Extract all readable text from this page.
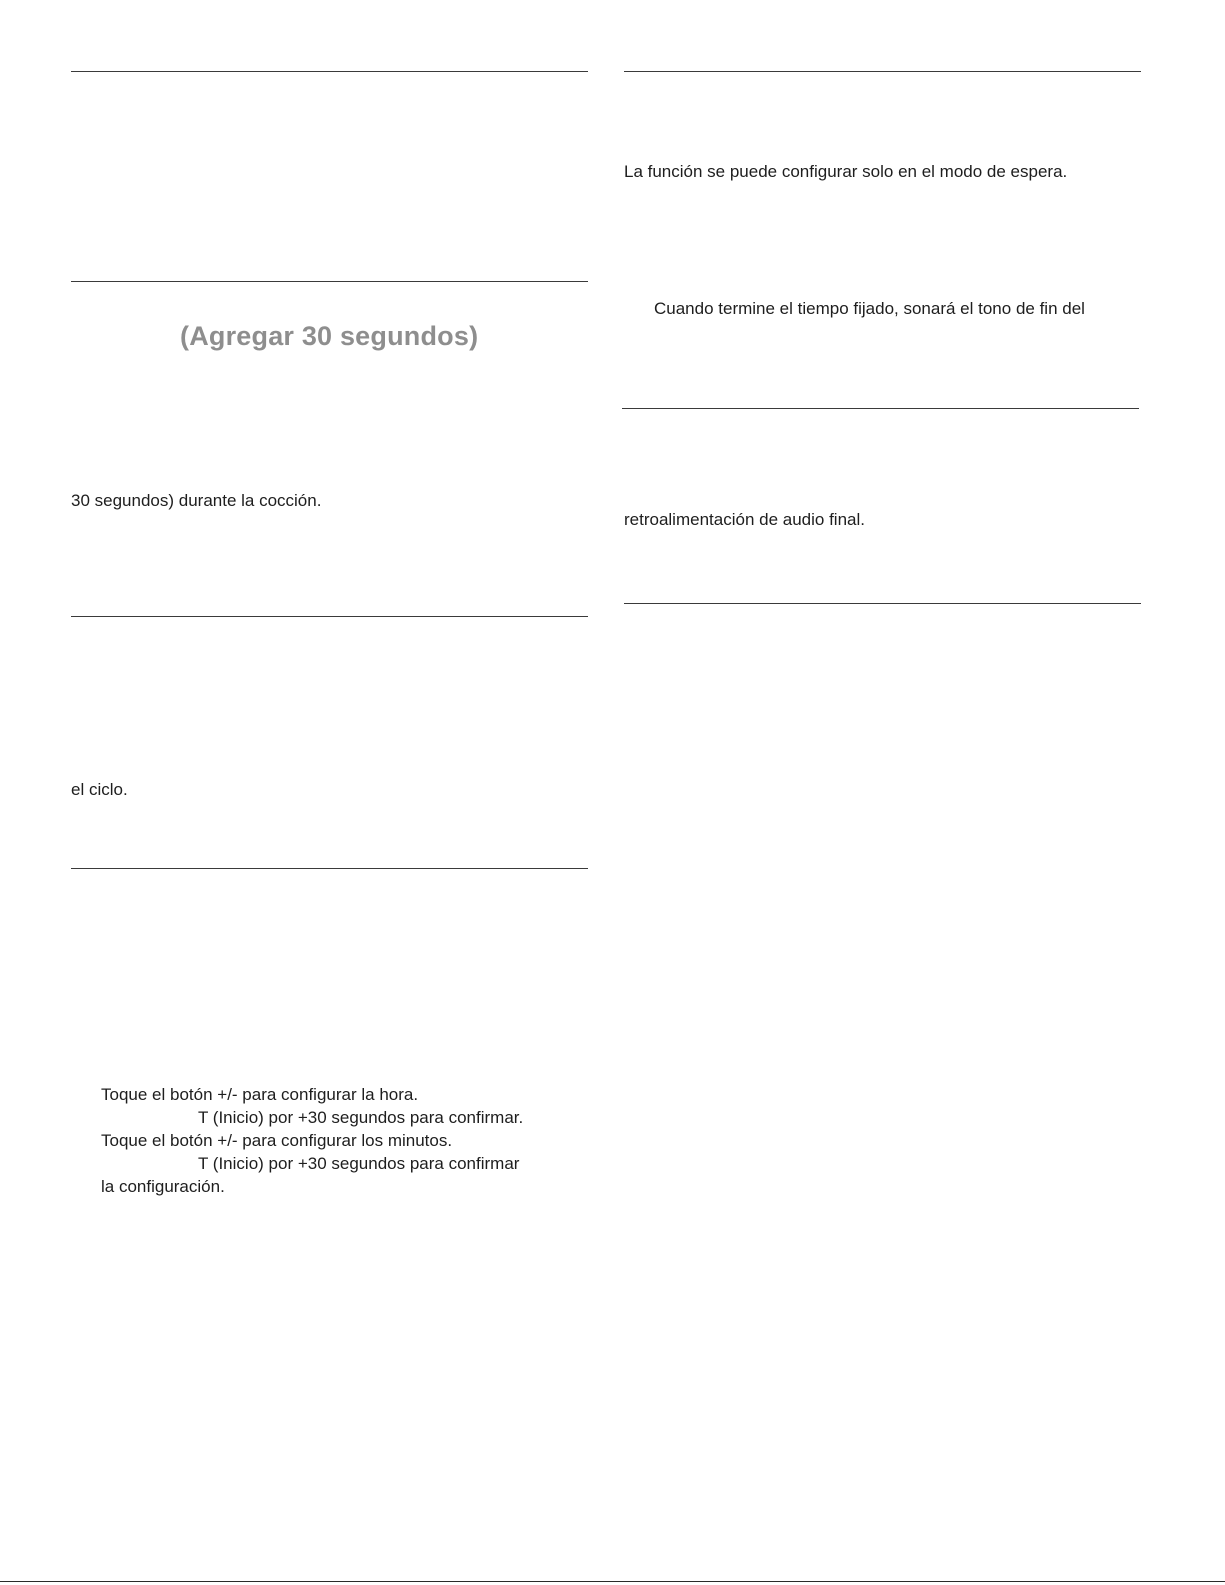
(Agregar 30 segundos)
30 segundos) durante la cocción.
el ciclo.
Toque el botón +/- para configurar la hora.
T (Inicio) por +30 segundos para confirmar.
Toque el botón +/- para configurar los minutos.
T (Inicio) por +30 segundos para confirmar
la configuración.
La función se puede configurar solo en el modo de espera.
Cuando termine el tiempo fijado, sonará el tono de fin del
retroalimentación de audio final.
